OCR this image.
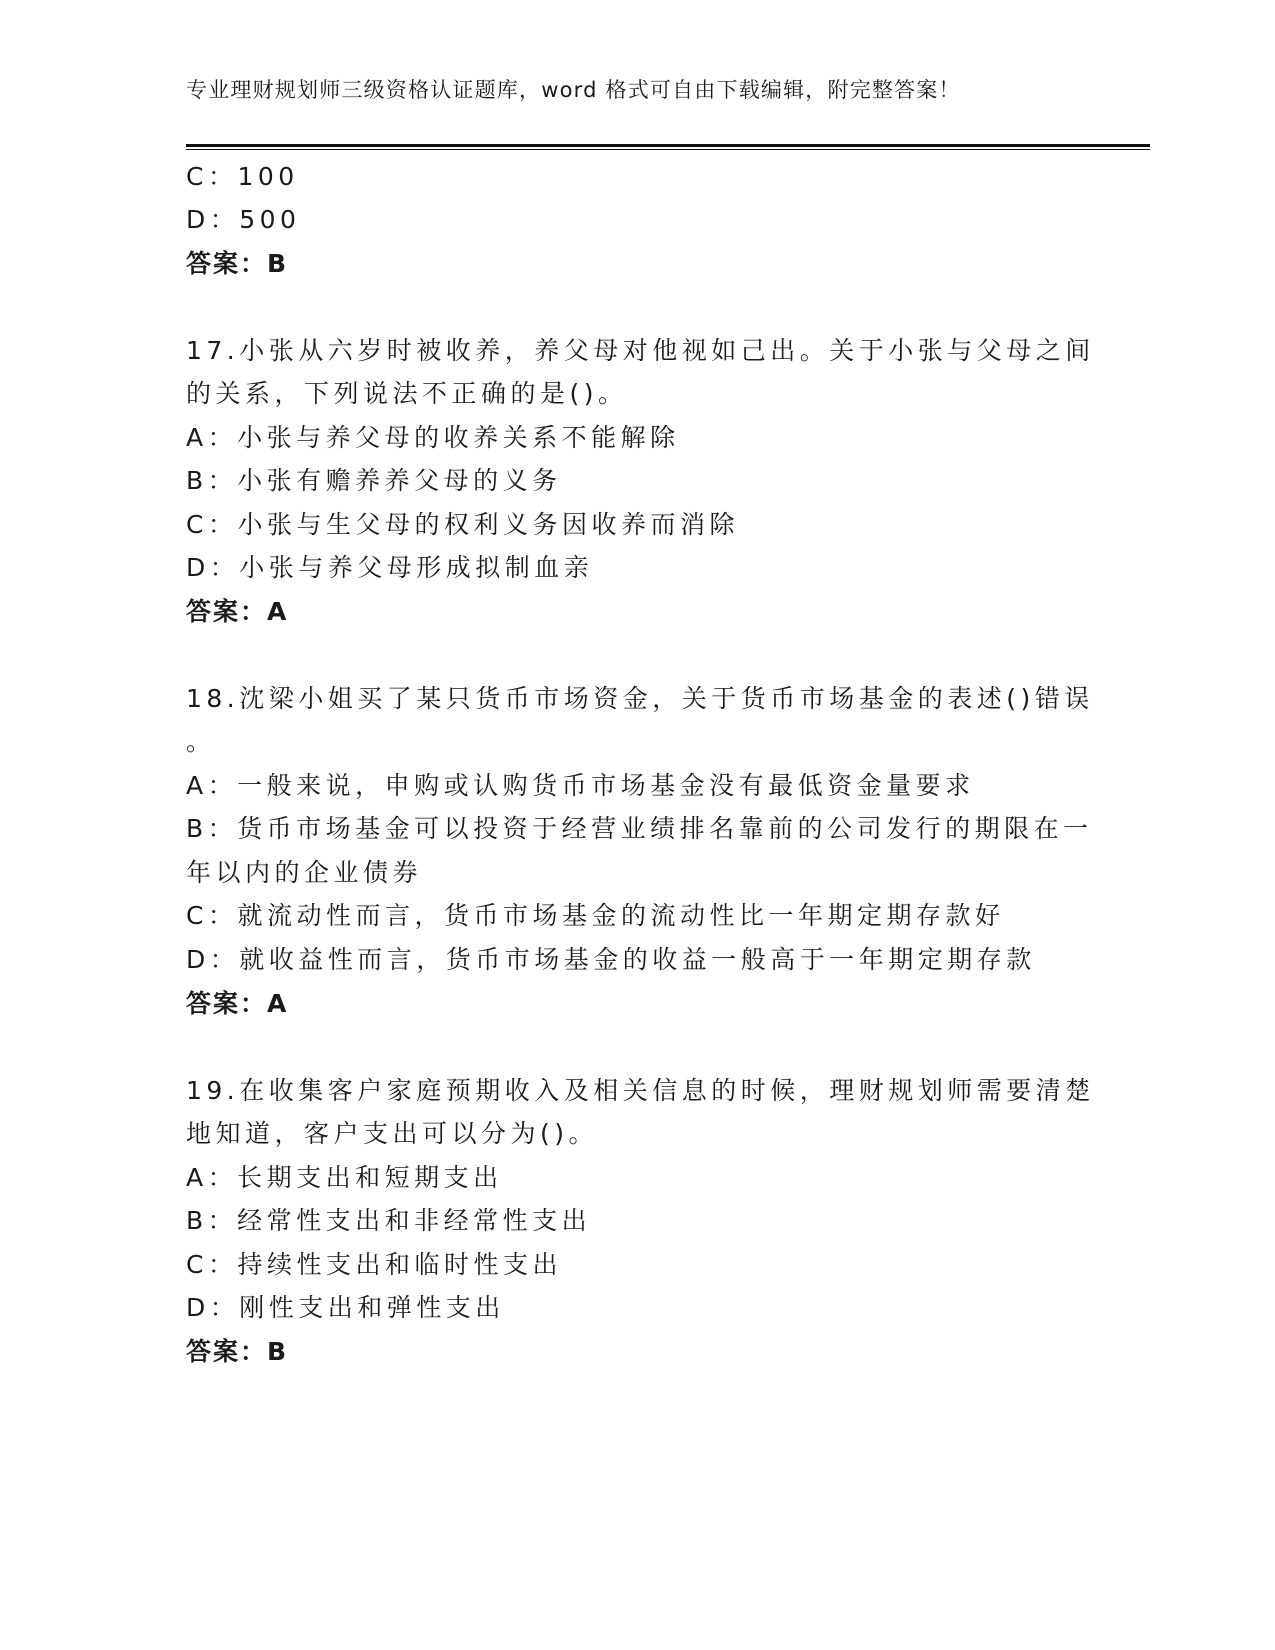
专业理财规划师三级资格认证题库，word 格式可自由下载编辑，附完整答案！
C：100
D：500
答案：B
17.小张从六岁时被收养，养父母对他视如己出。关于小张与父母之间
的关系，下列说法不正确的是()。
A：小张与养父母的收养关系不能解除
B：小张有赡养养父母的义务
C：小张与生父母的权利义务因收养而消除
D：小张与养父母形成拟制血亲
答案：A
18.沈梁小姐买了某只货币市场资金，关于货币市场基金的表述()错误
。
A：一般来说，申购或认购货币市场基金没有最低资金量要求
B：货币市场基金可以投资于经营业绩排名靠前的公司发行的期限在一
年以内的企业债券
C：就流动性而言，货币市场基金的流动性比一年期定期存款好
D：就收益性而言，货币市场基金的收益一般高于一年期定期存款
答案：A
19.在收集客户家庭预期收入及相关信息的时候，理财规划师需要清楚
地知道，客户支出可以分为()。
A：长期支出和短期支出
B：经常性支出和非经常性支出
C：持续性支出和临时性支出
D：刚性支出和弹性支出
答案：B
